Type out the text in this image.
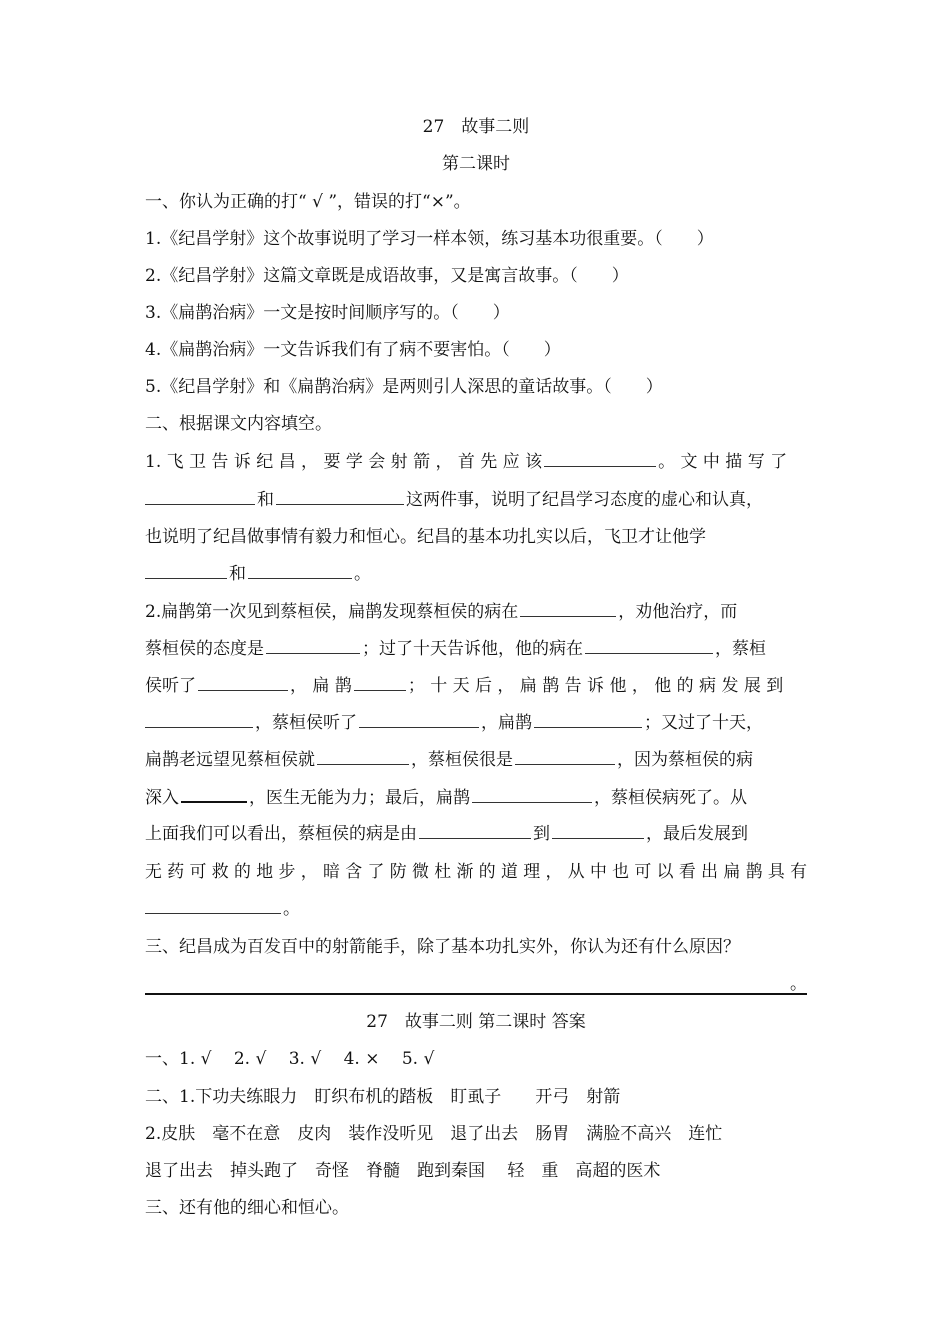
27　故事二则
第二课时
一、你认为正确的打“ √ ”，错误的打“×”。
1.《纪昌学射》这个故事说明了学习一样本领，练习基本功很重要。（　　）
2.《纪昌学射》这篇文章既是成语故事，又是寓言故事。（　　）
3.《扁鹊治病》一文是按时间顺序写的。（　　）
4.《扁鹊治病》一文告诉我们有了病不要害怕。（　　）
5.《纪昌学射》和《扁鹊治病》是两则引人深思的童话故事。（　　）
二、根据课文内容填空。
1. 飞 卫 告 诉 纪 昌 ， 要 学 会 射 箭 ， 首 先 应 该	。 文 中 描 写 了
和	这两件事，说明了纪昌学习态度的虚心和认真，
也说明了纪昌做事情有毅力和恒心。纪昌的基本功扎实以后，飞卫才让他学
和	。
2.扁鹊第一次见到蔡桓侯，扁鹊发现蔡桓侯的病在	，劝他治疗，而
蔡桓侯的态度是	；过了十天告诉他，他的病在	，蔡桓
侯听了	， 扁 鹊	； 十 天 后 ， 扁 鹊 告 诉 他 ， 他 的 病 发 展 到
，蔡桓侯听了	，扁鹊	；又过了十天，
扁鹊老远望见蔡桓侯就	，蔡桓侯很是	，因为蔡桓侯的病
深入	，医生无能为力；最后，扁鹊	，蔡桓侯病死了。从
上面我们可以看出，蔡桓侯的病是由	到	，最后发展到
无 药 可 救 的 地 步 ， 暗 含 了 防 微 杜 渐 的 道 理 ， 从 中 也 可 以 看 出 扁 鹊 具 有
。
三、纪昌成为百发百中的射箭能手，除了基本功扎实外，你认为还有什么原因？
。
27　故事二则 第二课时 答案
一、1. √　 2. √　 3. √　 4. ×　 5. √
二、1.下功夫练眼力　盯织布机的踏板　盯虱子　　开弓　射箭
2.皮肤　毫不在意　皮肉　装作没听见　退了出去　肠胃　满脸不高兴　连忙
退了出去　掉头跑了　奇怪　脊髓　跑到秦国　 轻　重　高超的医术
三、还有他的细心和恒心。
